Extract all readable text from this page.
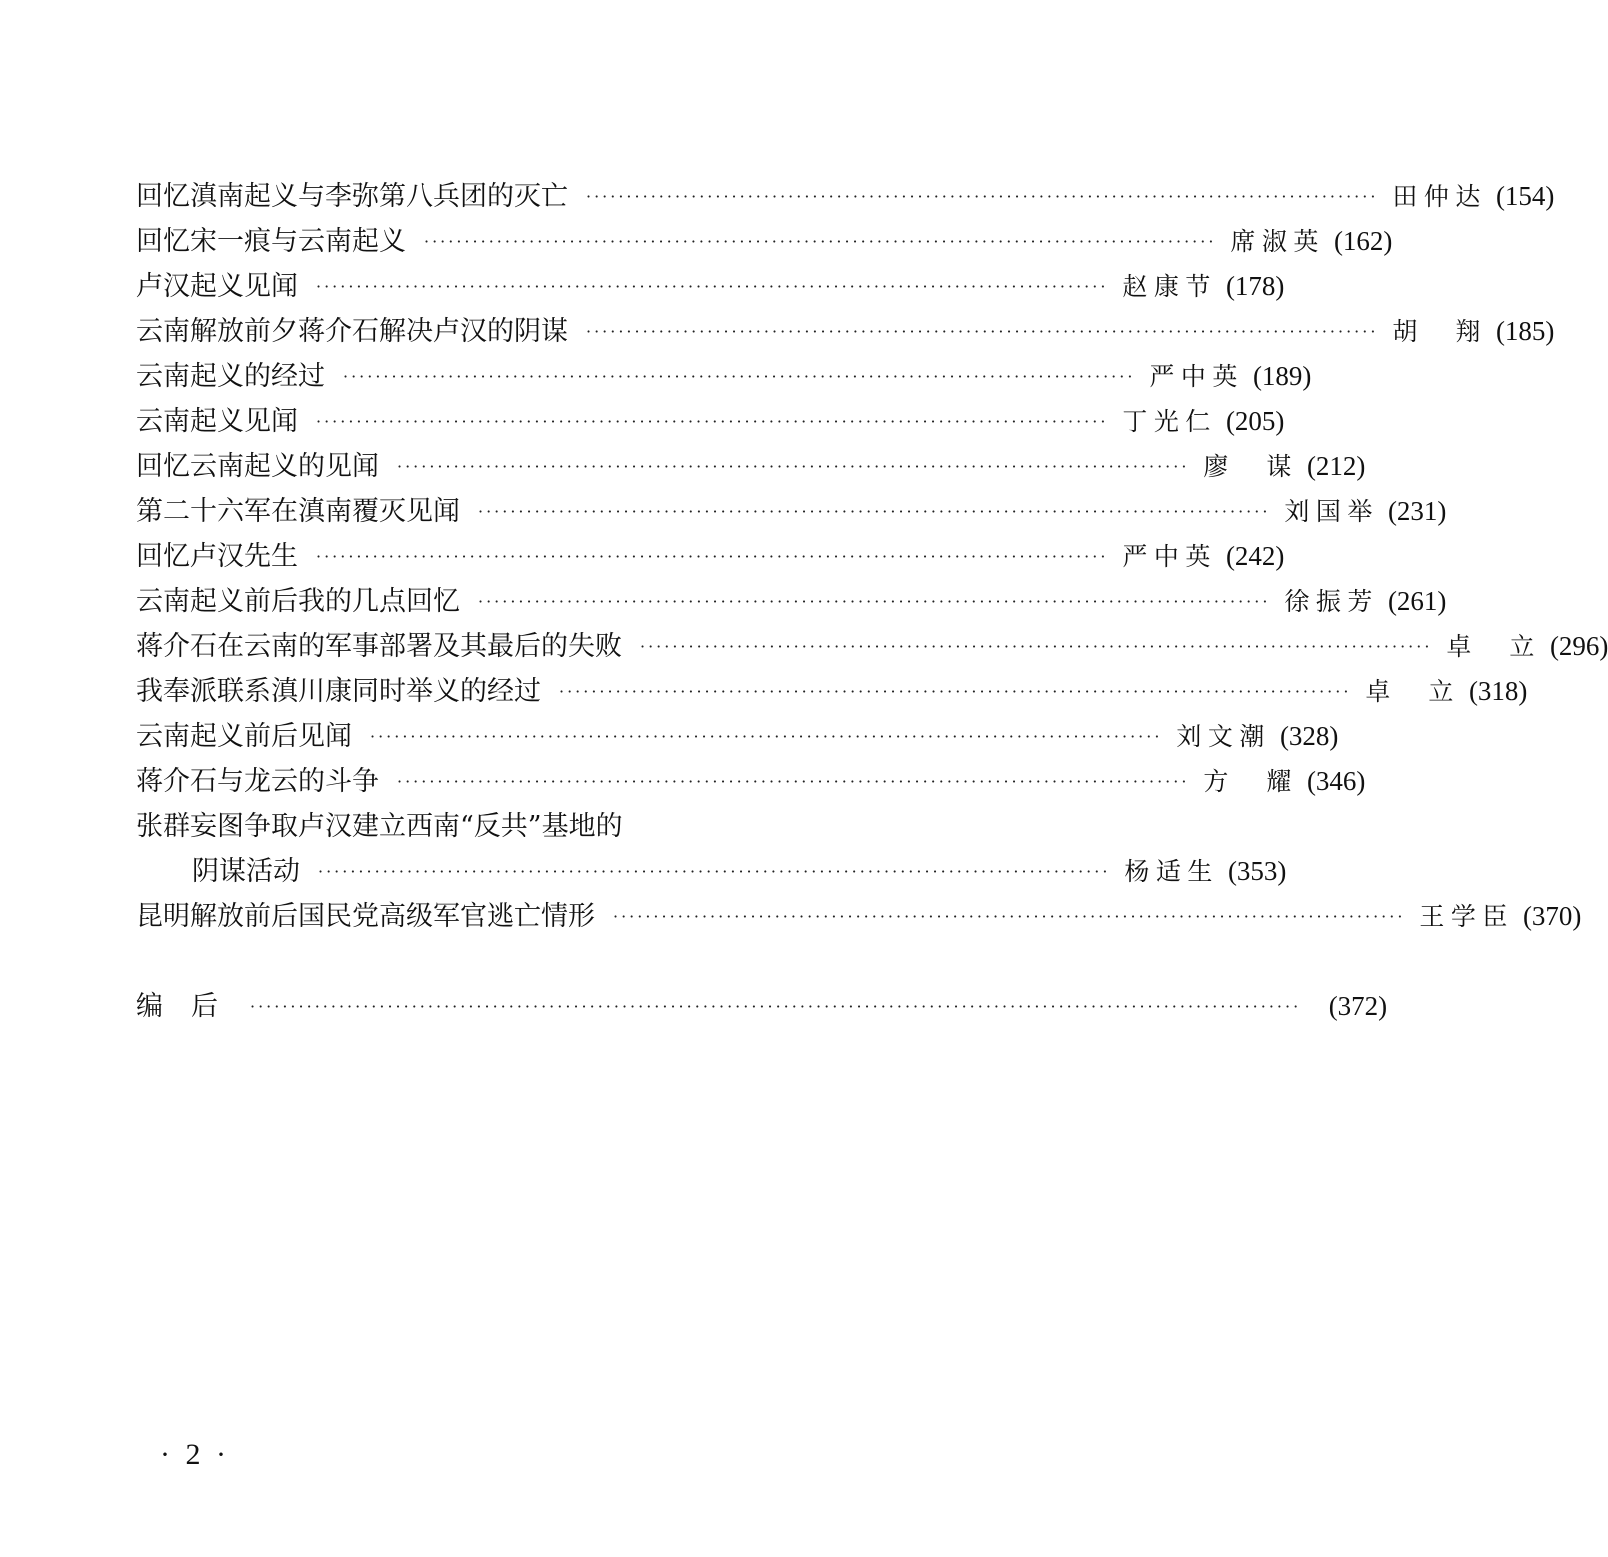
回忆滇南起义与李弥第八兵团的灭亡 ·································································································· 田仲达 (154)
回忆宋一痕与云南起义 ·································································································· 席淑英 (162)
卢汉起义见闻 ·································································································· 赵康节 (178)
云南解放前夕蒋介石解决卢汉的阴谋 ·································································································· 胡　翔 (185)
云南起义的经过 ·································································································· 严中英 (189)
云南起义见闻 ·································································································· 丁光仁 (205)
回忆云南起义的见闻 ·································································································· 廖　谋 (212)
第二十六军在滇南覆灭见闻 ·································································································· 刘国举 (231)
回忆卢汉先生 ·································································································· 严中英 (242)
云南起义前后我的几点回忆 ·································································································· 徐振芳 (261)
蒋介石在云南的军事部署及其最后的失败 ·································································································· 卓　立 (296)
我奉派联系滇川康同时举义的经过 ·································································································· 卓　立 (318)
云南起义前后见闻 ·································································································· 刘文潮 (328)
蒋介石与龙云的斗争 ·································································································· 方　耀 (346)
张群妄图争取卢汉建立西南“反共”基地的
阴谋活动 ·································································································· 杨适生 (353)
昆明解放前后国民党高级军官逃亡情形 ·································································································· 王学臣 (370)
编后 ··································································································································	(372)
· 2 ·
